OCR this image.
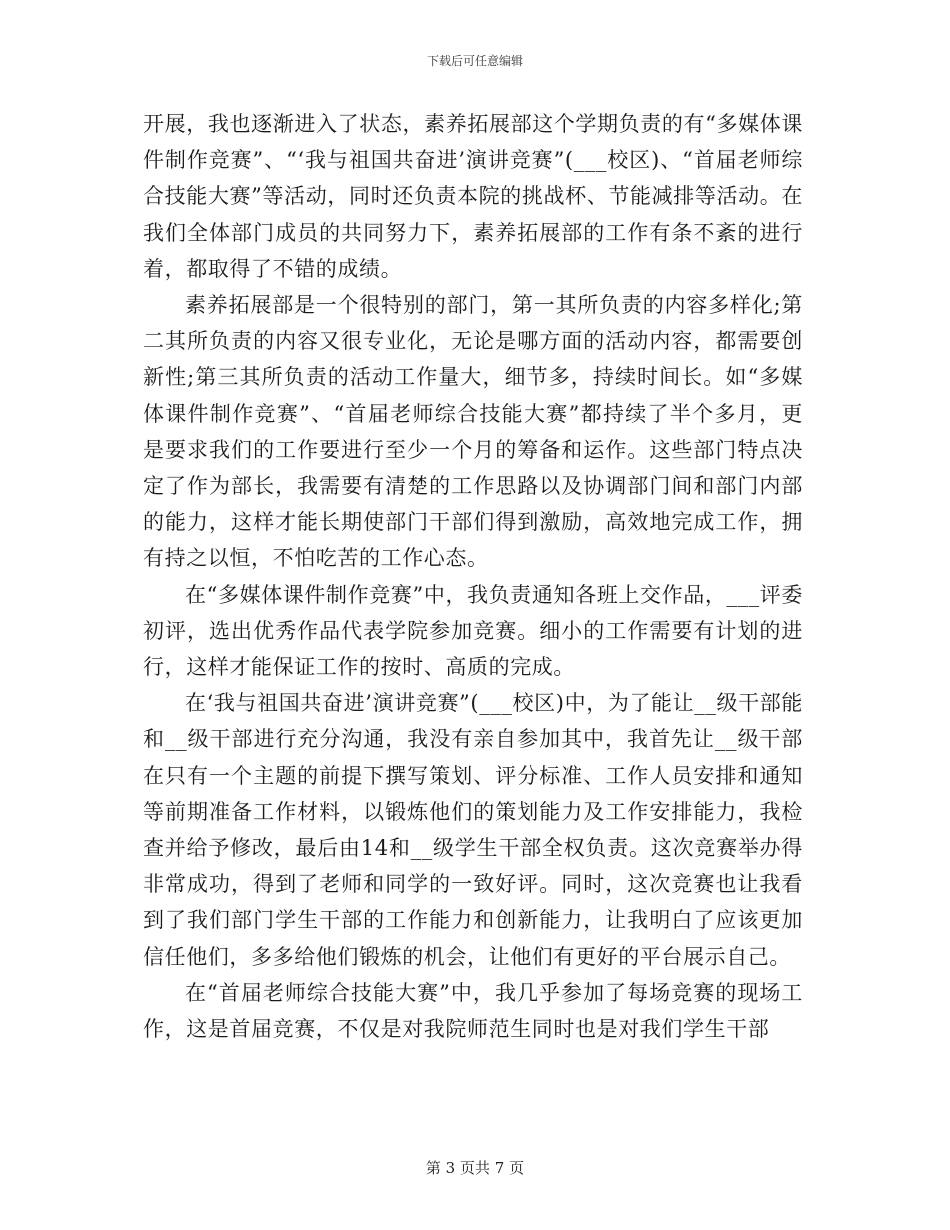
下载后可任意编辑

开展，我也逐渐进入了状态，素养拓展部这个学期负责的有“多媒体课件制作竞赛”、“‘我与祖国共奋进’演讲竞赛”(___校区)、“首届老师综合技能大赛”等活动，同时还负责本院的挑战杯、节能减排等活动。在我们全体部门成员的共同努力下，素养拓展部的工作有条不紊的进行着，都取得了不错的成绩。

素养拓展部是一个很特别的部门，第一其所负责的内容多样化;第二其所负责的内容又很专业化，无论是哪方面的活动内容，都需要创新性;第三其所负责的活动工作量大，细节多，持续时间长。如“多媒体课件制作竞赛”、“首届老师综合技能大赛”都持续了半个多月，更是要求我们的工作要进行至少一个月的筹备和运作。这些部门特点决定了作为部长，我需要有清楚的工作思路以及协调部门间和部门内部的能力，这样才能长期使部门干部们得到激励，高效地完成工作，拥有持之以恒，不怕吃苦的工作心态。

在“多媒体课件制作竞赛”中，我负责通知各班上交作品，___评委初评，选出优秀作品代表学院参加竞赛。细小的工作需要有计划的进行，这样才能保证工作的按时、高质的完成。

在‘我与祖国共奋进’演讲竞赛”(___校区)中，为了能让__级干部能和__级干部进行充分沟通，我没有亲自参加其中，我首先让__级干部在只有一个主题的前提下撰写策划、评分标准、工作人员安排和通知等前期准备工作材料，以锻炼他们的策划能力及工作安排能力，我检查并给予修改，最后由14和__级学生干部全权负责。这次竞赛举办得非常成功，得到了老师和同学的一致好评。同时，这次竞赛也让我看到了我们部门学生干部的工作能力和创新能力，让我明白了应该更加信任他们，多多给他们锻炼的机会，让他们有更好的平台展示自己。

在“首届老师综合技能大赛”中，我几乎参加了每场竞赛的现场工作，这是首届竞赛，不仅是对我院师范生同时也是对我们学生干部

第 3 页共 7 页
